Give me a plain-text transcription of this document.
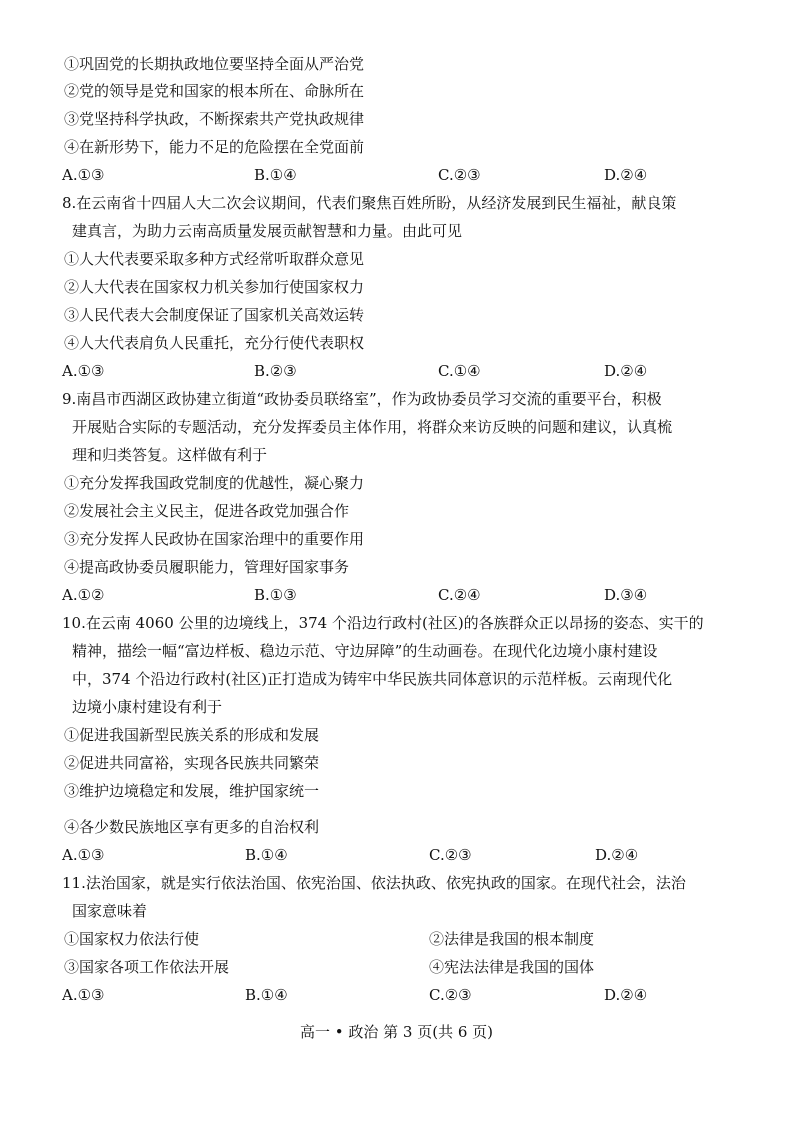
①巩固党的长期执政地位要坚持全面从严治党
②党的领导是党和国家的根本所在、命脉所在
③党坚持科学执政，不断探索共产党执政规律
④在新形势下，能力不足的危险摆在全党面前
A.①③	B.①④	C.②③	D.②④
8.在云南省十四届人大二次会议期间，代表们聚焦百姓所盼，从经济发展到民生福祉，献良策
建真言，为助力云南高质量发展贡献智慧和力量。由此可见
①人大代表要采取多种方式经常听取群众意见
②人大代表在国家权力机关参加行使国家权力
③人民代表大会制度保证了国家机关高效运转
④人大代表肩负人民重托，充分行使代表职权
A.①③	B.②③	C.①④	D.②④
9.南昌市西湖区政协建立街道“政协委员联络室”，作为政协委员学习交流的重要平台，积极
开展贴合实际的专题活动，充分发挥委员主体作用，将群众来访反映的问题和建议，认真梳
理和归类答复。这样做有利于
①充分发挥我国政党制度的优越性，凝心聚力
②发展社会主义民主，促进各政党加强合作
③充分发挥人民政协在国家治理中的重要作用
④提高政协委员履职能力，管理好国家事务
A.①②	B.①③	C.②④	D.③④
10.在云南 4060 公里的边境线上，374 个沿边行政村(社区)的各族群众正以昂扬的姿态、实干的
精神，描绘一幅“富边样板、稳边示范、守边屏障”的生动画卷。在现代化边境小康村建设
中，374 个沿边行政村(社区)正打造成为铸牢中华民族共同体意识的示范样板。云南现代化
边境小康村建设有利于
①促进我国新型民族关系的形成和发展
②促进共同富裕，实现各民族共同繁荣
③维护边境稳定和发展，维护国家统一
④各少数民族地区享有更多的自治权利
A.①③	B.①④	C.②③	D.②④
11.法治国家，就是实行依法治国、依宪治国、依法执政、依宪执政的国家。在现代社会，法治
国家意味着
①国家权力依法行使	②法律是我国的根本制度
③国家各项工作依法开展	④宪法法律是我国的国体
A.①③	B.①④	C.②③	D.②④
高一 • 政治 第 3 页(共 6 页)
